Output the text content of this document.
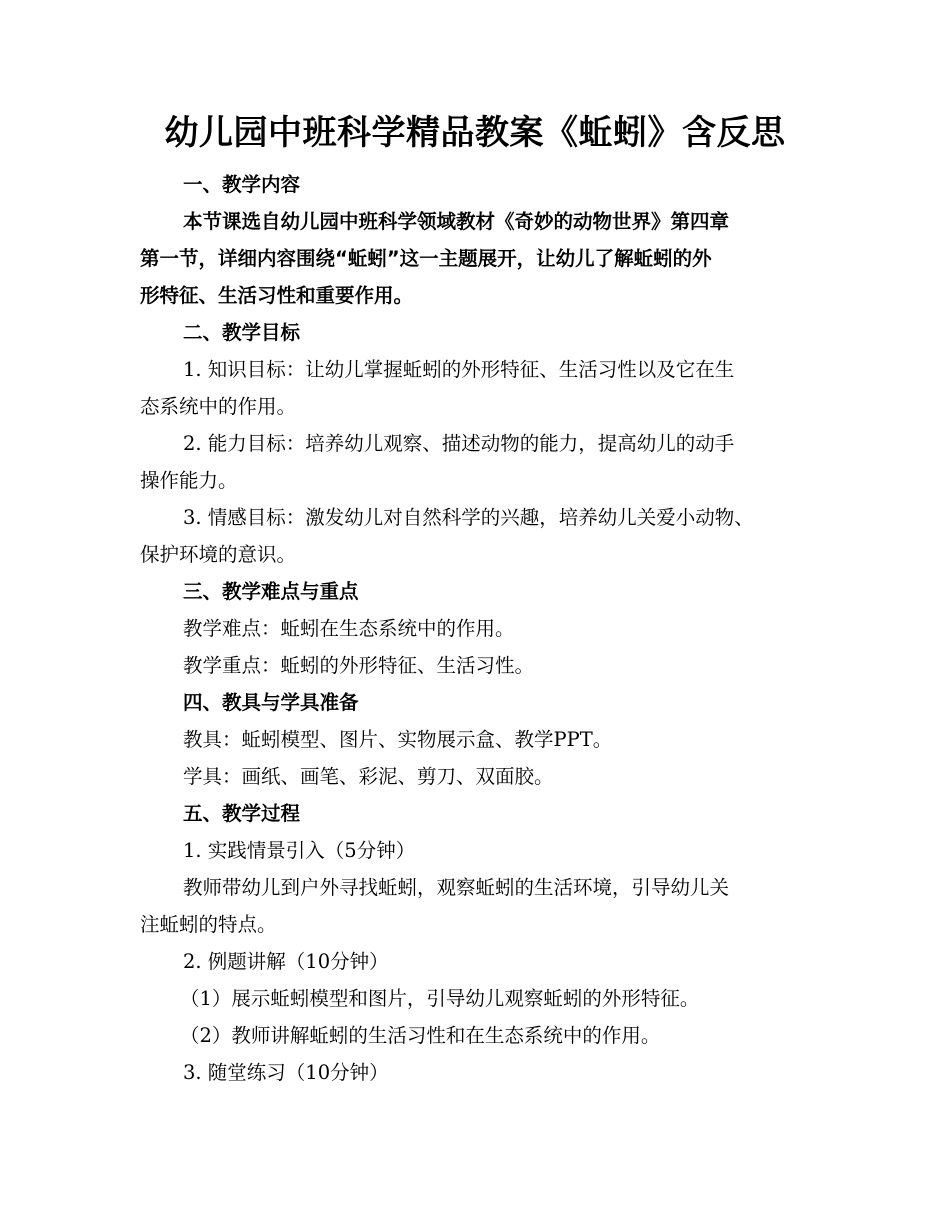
幼儿园中班科学精品教案《蚯蚓》含反思

一、教学内容

本节课选自幼儿园中班科学领域教材《奇妙的动物世界》第四章

第一节，详细内容围绕“蚯蚓”这一主题展开，让幼儿了解蚯蚓的外

形特征、生活习性和重要作用。

二、教学目标

1. 知识目标：让幼儿掌握蚯蚓的外形特征、生活习性以及它在生

态系统中的作用。

2. 能力目标：培养幼儿观察、描述动物的能力，提高幼儿的动手

操作能力。

3. 情感目标：激发幼儿对自然科学的兴趣，培养幼儿关爱小动物、

保护环境的意识。

三、教学难点与重点

教学难点：蚯蚓在生态系统中的作用。

教学重点：蚯蚓的外形特征、生活习性。

四、教具与学具准备

教具：蚯蚓模型、图片、实物展示盒、教学PPT。

学具：画纸、画笔、彩泥、剪刀、双面胶。

五、教学过程

1. 实践情景引入（5分钟）

教师带幼儿到户外寻找蚯蚓，观察蚯蚓的生活环境，引导幼儿关

注蚯蚓的特点。

2. 例题讲解（10分钟）

（1）展示蚯蚓模型和图片，引导幼儿观察蚯蚓的外形特征。

（2）教师讲解蚯蚓的生活习性和在生态系统中的作用。

3. 随堂练习（10分钟）
